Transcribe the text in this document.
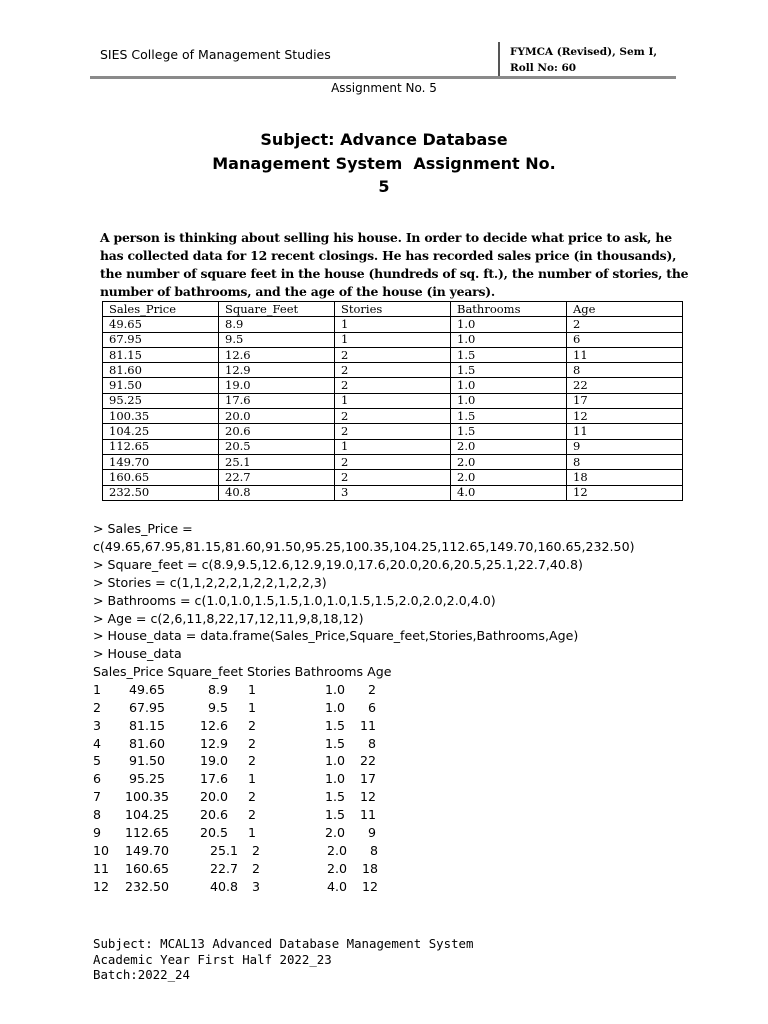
SIES College of Management Studies	FYMCA (Revised), Sem I,
Roll No: 60
Assignment No. 5
Subject: Advance Database
Management System  Assignment No.
5
A person is thinking about selling his house. In order to decide what price to ask, he
has collected data for 12 recent closings. He has recorded sales price (in thousands),
the number of square feet in the house (hundreds of sq. ft.), the number of stories, the
number of bathrooms, and the age of the house (in years).
Sales_Price	Square_Feet	Stories	Bathrooms	Age
49.65	8.9	1	1.0	2
67.95	9.5	1	1.0	6
81.15	12.6	2	1.5	11
81.60	12.9	2	1.5	8
91.50	19.0	2	1.0	22
95.25	17.6	1	1.0	17
100.35	20.0	2	1.5	12
104.25	20.6	2	1.5	11
112.65	20.5	1	2.0	9
149.70	25.1	2	2.0	8
160.65	22.7	2	2.0	18
232.50	40.8	3	4.0	12
> Sales_Price =
c(49.65,67.95,81.15,81.60,91.50,95.25,100.35,104.25,112.65,149.70,160.65,232.50)
> Square_feet = c(8.9,9.5,12.6,12.9,19.0,17.6,20.0,20.6,20.5,25.1,22.7,40.8)
> Stories = c(1,1,2,2,2,1,2,2,1,2,2,3)
> Bathrooms = c(1.0,1.0,1.5,1.5,1.0,1.0,1.5,1.5,2.0,2.0,2.0,4.0)
> Age = c(2,6,11,8,22,17,12,11,9,8,18,12)
> House_data = data.frame(Sales_Price,Square_feet,Stories,Bathrooms,Age)
> House_data
Sales_Price Square_feet Stories Bathrooms Age
1 49.65	8.9 1	1.0 2
2 67.95	9.5 1	1.0 6
3 81.15	12.6 2	1.5 11
4 81.60	12.9 2	1.5 8
5 91.50	19.0 2	1.0 22
6 95.25	17.6 1	1.0 17
7 100.35 20.0 2	1.5 12
8 104.25 20.6 2	1.5 11
9 112.65 20.5 1	2.0 9
10 149.70	25.1 2	2.0 8
11 160.65	22.7 2	2.0 18
12 232.50	40.8 3	4.0 12
Subject: MCAL13 Advanced Database Management System
Academic Year First Half 2022_23
Batch:2022_24
